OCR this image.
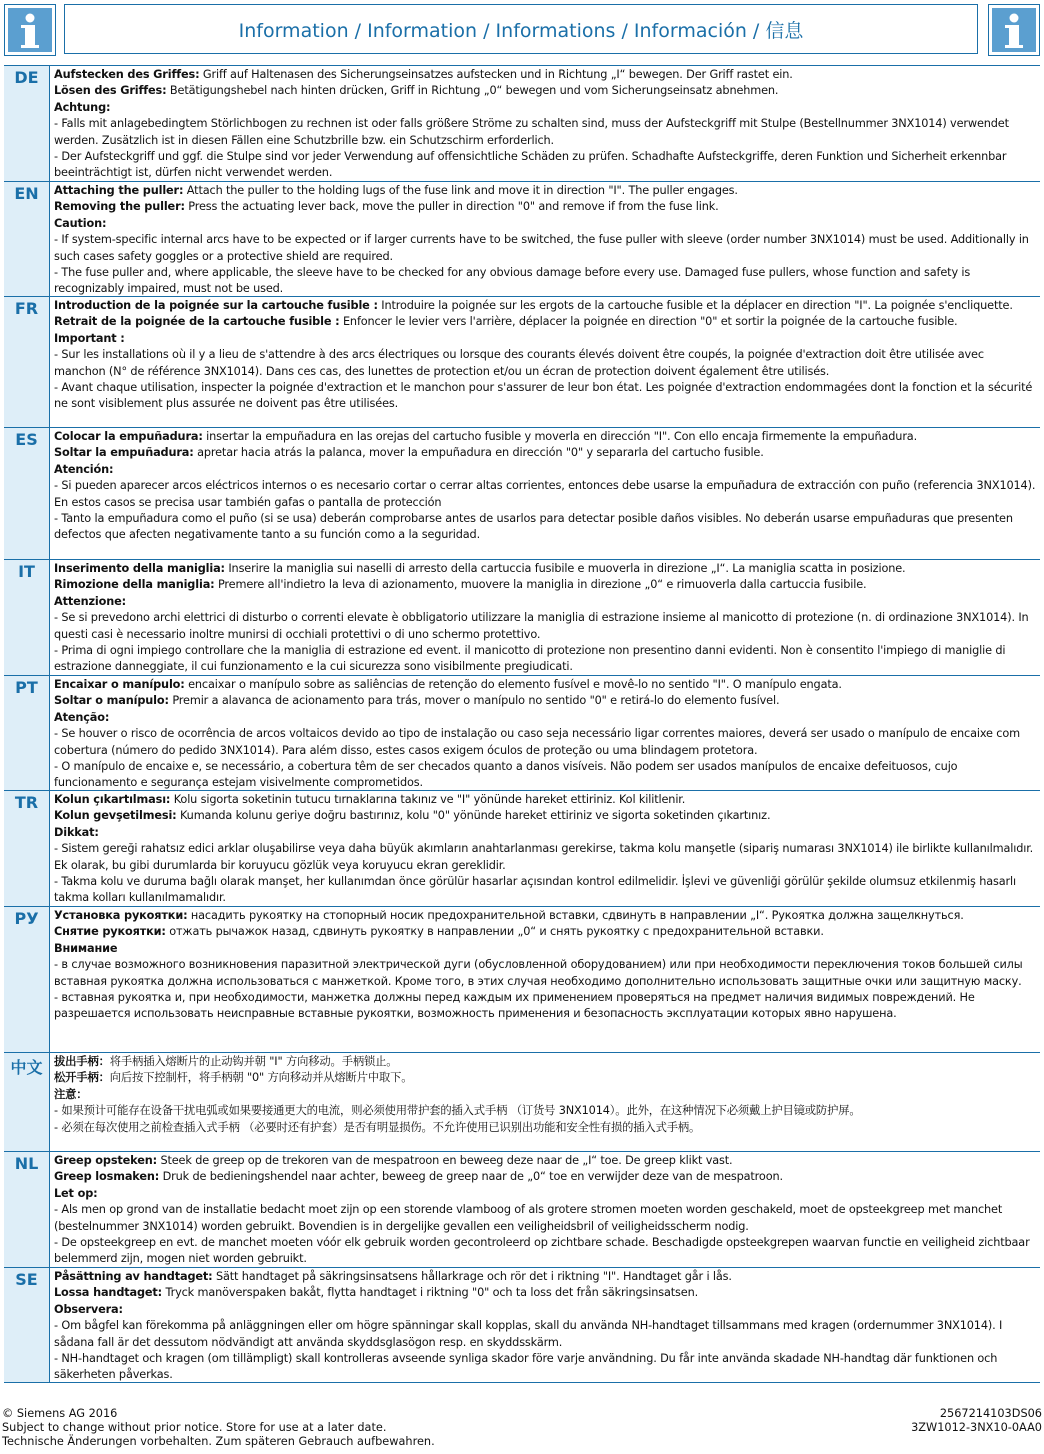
Information / Information / Informations / Información / 信息
DE	Aufstecken des Griffes: Griff auf Haltenasen des Sicherungseinsatzes aufstecken und in Richtung „I“ bewegen. Der Griff rastet ein.

Lösen des Griffes: Betätigungshebel nach hinten drücken, Griff in Richtung „0“ bewegen und vom Sicherungseinsatz abnehmen.

Achtung:

- Falls mit anlagebedingtem Störlichbogen zu rechnen ist oder falls größere Ströme zu schalten sind, muss der Aufsteckgriff mit Stulpe (Bestellnummer 3NX1014) verwendet werden. Zusätzlich ist in diesen Fällen eine Schutzbrille bzw. ein Schutzschirm erforderlich.

- Der Aufsteckgriff und ggf. die Stulpe sind vor jeder Verwendung auf offensichtliche Schäden zu prüfen. Schadhafte Aufsteckgriffe, deren Funktion und Sicherheit erkennbar beeinträchtigt ist, dürfen nicht verwendet werden.

EN	Attaching the puller: Attach the puller to the holding lugs of the fuse link and move it in direction "I". The puller engages.

Removing the puller: Press the actuating lever back, move the puller in direction "0" and remove if from the fuse link.

Caution:

- If system-specific internal arcs have to be expected or if larger currents have to be switched, the fuse puller with sleeve (order number 3NX1014) must be used. Additionally in such cases safety goggles or a protective shield are required.

- The fuse puller and, where applicable, the sleeve have to be checked for any obvious damage before every use. Damaged fuse pullers, whose function and safety is recognizably impaired, must not be used.

FR	Introduction de la poignée sur la cartouche fusible : Introduire la poignée sur les ergots de la cartouche fusible et la déplacer en direction "I". La poignée s'encliquette.

Retrait de la poignée de la cartouche fusible : Enfoncer le levier vers l'arrière, déplacer la poignée en direction "0" et sortir la poignée de la cartouche fusible.

Important :

- Sur les installations où il y a lieu de s'attendre à des arcs électriques ou lorsque des courants élevés doivent être coupés, la poignée d'extraction doit être utilisée avec manchon (N° de référence 3NX1014). Dans ces cas, des lunettes de protection et/ou un écran de protection doivent également être utilisés.

- Avant chaque utilisation, inspecter la poignée d'extraction et le manchon pour s'assurer de leur bon état. Les poignée d'extraction endommagées dont la fonction et la sécurité ne sont visiblement plus assurée ne doivent pas être utilisées.

ES	Colocar la empuñadura: insertar la empuñadura en las orejas del cartucho fusible y moverla en dirección "I". Con ello encaja firmemente la empuñadura.

Soltar la empuñadura: apretar hacia atrás la palanca, mover la empuñadura en dirección "0" y separarla del cartucho fusible.

Atención:

- Si pueden aparecer arcos eléctricos internos o es necesario cortar o cerrar altas corrientes, entonces debe usarse la empuñadura de extracción con puño (referencia 3NX1014). En estos casos se precisa usar también gafas o pantalla de protección

- Tanto la empuñadura como el puño (si se usa) deberán comprobarse antes de usarlos para detectar posible daños visibles. No deberán usarse empuñaduras que presenten defectos que afecten negativamente tanto a su función como a la seguridad.

IT	Inserimento della maniglia: Inserire la maniglia sui naselli di arresto della cartuccia fusibile e muoverla in direzione „I“. La maniglia scatta in posizione.

Rimozione della maniglia: Premere all'indietro la leva di azionamento, muovere la maniglia in direzione „0“ e rimuoverla dalla cartuccia fusibile.

Attenzione:

- Se si prevedono archi elettrici di disturbo o correnti elevate è obbligatorio utilizzare la maniglia di estrazione insieme al manicotto di protezione (n. di ordinazione 3NX1014). In questi casi è necessario inoltre munirsi di occhiali protettivi o di uno schermo protettivo.

- Prima di ogni impiego controllare che la maniglia di estrazione ed event. il manicotto di protezione non presentino danni evidenti. Non è consentito l'impiego di maniglie di estrazione danneggiate, il cui funzionamento e la cui sicurezza sono visibilmente pregiudicati.

PT	Encaixar o manípulo: encaixar o manípulo sobre as saliências de retenção do elemento fusível e movê-lo no sentido "I". O manípulo engata.

Soltar o manípulo: Premir a alavanca de acionamento para trás, mover o manípulo no sentido "0" e retirá-lo do elemento fusível.

Atenção:

- Se houver o risco de ocorrência de arcos voltaicos devido ao tipo de instalação ou caso seja necessário ligar correntes maiores, deverá ser usado o manípulo de encaixe com cobertura (número do pedido 3NX1014). Para além disso, estes casos exigem óculos de proteção ou uma blindagem protetora.

- O manípulo de encaixe e, se necessário, a cobertura têm de ser checados quanto a danos visíveis. Não podem ser usados manípulos de encaixe defeituosos, cujo funcionamento e segurança estejam visivelmente comprometidos.

TR	Kolun çıkartılması: Kolu sigorta soketinin tutucu tırnaklarına takınız ve "I" yönünde hareket ettiriniz. Kol kilitlenir.

Kolun gevşetilmesi: Kumanda kolunu geriye doğru bastırınız, kolu "0" yönünde hareket ettiriniz ve sigorta soketinden çıkartınız.

Dikkat:

- Sistem gereği rahatsız edici arklar oluşabilirse veya daha büyük akımların anahtarlanması gerekirse, takma kolu manşetle (sipariş numarası 3NX1014) ile birlikte kullanılmalıdır. Ek olarak, bu gibi durumlarda bir koruyucu gözlük veya koruyucu ekran gereklidir.

- Takma kolu ve duruma bağlı olarak manşet, her kullanımdan önce görülür hasarlar açısından kontrol edilmelidir. İşlevi ve güvenliği görülür şekilde olumsuz etkilenmiş hasarlı takma kolları kullanılmamalıdır.

РУ	Установка рукоятки: насадить рукоятку на стопорный носик предохранительной вставки, сдвинуть в направлении „I“. Рукоятка должна защелкнуться.

Снятие рукоятки: отжать рычажок назад, сдвинуть рукоятку в направлении „0“ и снять рукоятку с предохранительной вставки.

Внимание

- в случае возможного возникновения паразитной электрической дуги (обусловленной оборудованием) или при необходимости переключения токов большей силы вставная рукоятка должна использоваться с манжеткой. Кроме того, в этих случая необходимо дополнительно использовать защитные очки или защитную маску.

- вставная рукоятка и, при необходимости, манжетка должны перед каждым их применением проверяться на предмет наличия видимых повреждений. Не разрешается использовать неисправные вставные рукоятки, возможность применения и безопасность эксплуатации которых явно нарушена.

中文	拔出手柄：将手柄插入熔断片的止动钩并朝 "I" 方向移动。手柄锁止。

松开手柄：向后按下控制杆，将手柄朝 "0" 方向移动并从熔断片中取下。

注意：

- 如果预计可能存在设备干扰电弧或如果要接通更大的电流，则必须使用带护套的插入式手柄 （订货号 3NX1014）。此外，在这种情况下必须戴上护目镜或防护屏。

- 必须在每次使用之前检查插入式手柄 （必要时还有护套）是否有明显损伤。不允许使用已识别出功能和安全性有损的插入式手柄。

NL	Greep opsteken: Steek de greep op de trekoren van de mespatroon en beweeg deze naar de „I“ toe. De greep klikt vast.

Greep losmaken: Druk de bedieningshendel naar achter, beweeg de greep naar de „0“ toe en verwijder deze van de mespatroon.

Let op:

- Als men op grond van de installatie bedacht moet zijn op een storende vlamboog of als grotere stromen moeten worden geschakeld, moet de opsteekgreep met manchet (bestelnummer 3NX1014) worden gebruikt. Bovendien is in dergelijke gevallen een veiligheidsbril of veiligheidsscherm nodig.

- De opsteekgreep en evt. de manchet moeten vóór elk gebruik worden gecontroleerd op zichtbare schade. Beschadigde opsteekgrepen waarvan functie en veiligheid zichtbaar belemmerd zijn, mogen niet worden gebruikt.

SE	Påsättning av handtaget: Sätt handtaget på säkringsinsatsens hållarkrage och rör det i riktning "I". Handtaget går i lås.

Lossa handtaget: Tryck manöverspaken bakåt, flytta handtaget i riktning "0" och ta loss det från säkringsinsatsen.

Observera:

- Om bågfel kan förekomma på anläggningen eller om högre spänningar skall kopplas, skall du använda NH-handtaget tillsammans med kragen (ordernummer 3NX1014). I sådana fall är det dessutom nödvändigt att använda skyddsglasögon resp. en skyddsskärm.

- NH-handtaget och kragen (om tillämpligt) skall kontrolleras avseende synliga skador före varje användning. Du får inte använda skadade NH-handtag där funktionen och säkerheten påverkas.

© Siemens AG 2016
Subject to change without prior notice. Store for use at a later date.
Technische Änderungen vorbehalten. Zum späteren Gebrauch aufbewahren.
2567214103DS06
3ZW1012-3NX10-0AA0
